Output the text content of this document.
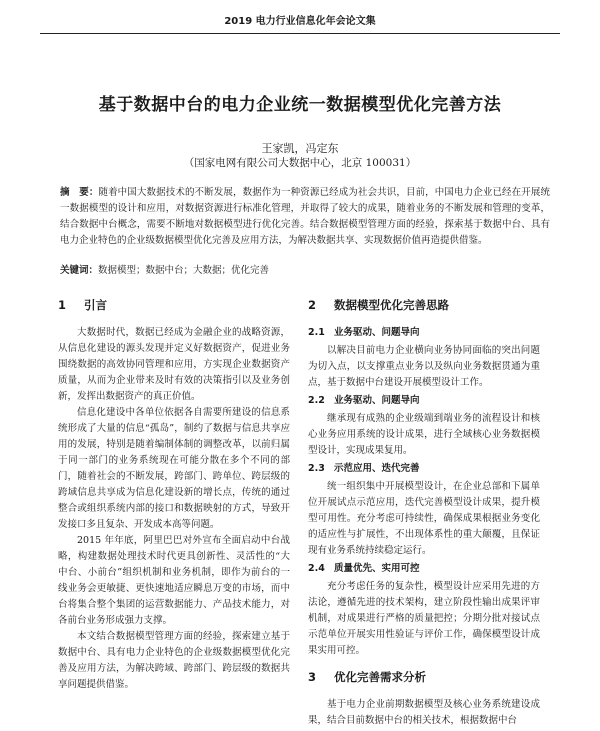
2019 电力行业信息化年会论文集
基于数据中台的电力企业统一数据模型优化完善方法
王家凯，冯定东
（国家电网有限公司大数据中心，北京 100031）
摘　要：随着中国大数据技术的不断发展，数据作为一种资源已经成为社会共识，目前，中国电力企业已经在开展统一数据模型的设计和应用，对数据资源进行标准化管理，并取得了较大的成果，随着业务的不断发展和管理的变革，结合数据中台概念，需要不断地对数据模型进行优化完善。结合数据模型管理方面的经验，探索基于数据中台、具有电力企业特色的企业级数据模型优化完善及应用方法，为解决数据共享、实现数据价值再造提供借鉴。
关键词：数据模型；数据中台；大数据；优化完善
1 引言

大数据时代，数据已经成为金融企业的战略资源，从信息化建设的源头发现并定义好数据资产，促进业务围绕数据的高效协同管理和应用，方实现企业数据资产质量，从而为企业带来及时有效的决策指引以及业务创新，发挥出数据资产的真正价值。

信息化建设中各单位依据各自需要所建设的信息系统形成了大量的信息“孤岛”，制约了数据与信息共享应用的发展，特别是随着编制体制的调整改革，以前归属于同一部门的业务系统现在可能分散在多个不同的部门，随着社会的不断发展，跨部门、跨单位、跨层级的跨域信息共享成为信息化建设新的增长点，传统的通过整合或组织系统内部的接口和数据映射的方式，导致开发接口多且复杂、开发成本高等问题。

2015 年年底，阿里巴巴对外宣布全面启动中台战略，构建数据处理技术时代更具创新性、灵活性的“大中台、小前台”组织机制和业务机制，即作为前台的一线业务会更敏捷、更快速地适应瞬息万变的市场，而中台将集合整个集团的运营数据能力、产品技术能力，对各前台业务形成强力支撑。

本文结合数据模型管理方面的经验，探索建立基于数据中台、具有电力企业特色的企业级数据模型优化完善及应用方法，为解决跨域、跨部门、跨层级的数据共享问题提供借鉴。

2 数据模型优化完善思路
2.1 业务驱动、问题导向

以解决目前电力企业横向业务协同面临的突出问题为切入点，以支撑重点业务以及纵向业务数据贯通为重点，基于数据中台建设开展模型设计工作。

2.2 业务驱动、问题导向

继承现有成熟的企业级端到端业务的流程设计和核心业务应用系统的设计成果，进行全域核心业务数据模型设计，实现成果复用。

2.3 示范应用、迭代完善

统一组织集中开展模型设计，在企业总部和下属单位开展试点示范应用，迭代完善模型设计成果，提升模型可用性。充分考虑可持续性，确保成果根据业务变化的适应性与扩展性，不出现体系性的重大颠覆，且保证现有业务系统持续稳定运行。

2.4 质量优先、实用可控

充分考虑任务的复杂性，模型设计应采用先进的方法论，遵循先进的技术架构，建立阶段性输出成果评审机制，对成果进行严格的质量把控；分期分批对接试点示范单位开展实用性验证与评价工作，确保模型设计成果实用可控。

3 优化完善需求分析

基于电力企业前期数据模型及核心业务系统建设成果，结合目前数据中台的相关技术，根据数据中台
